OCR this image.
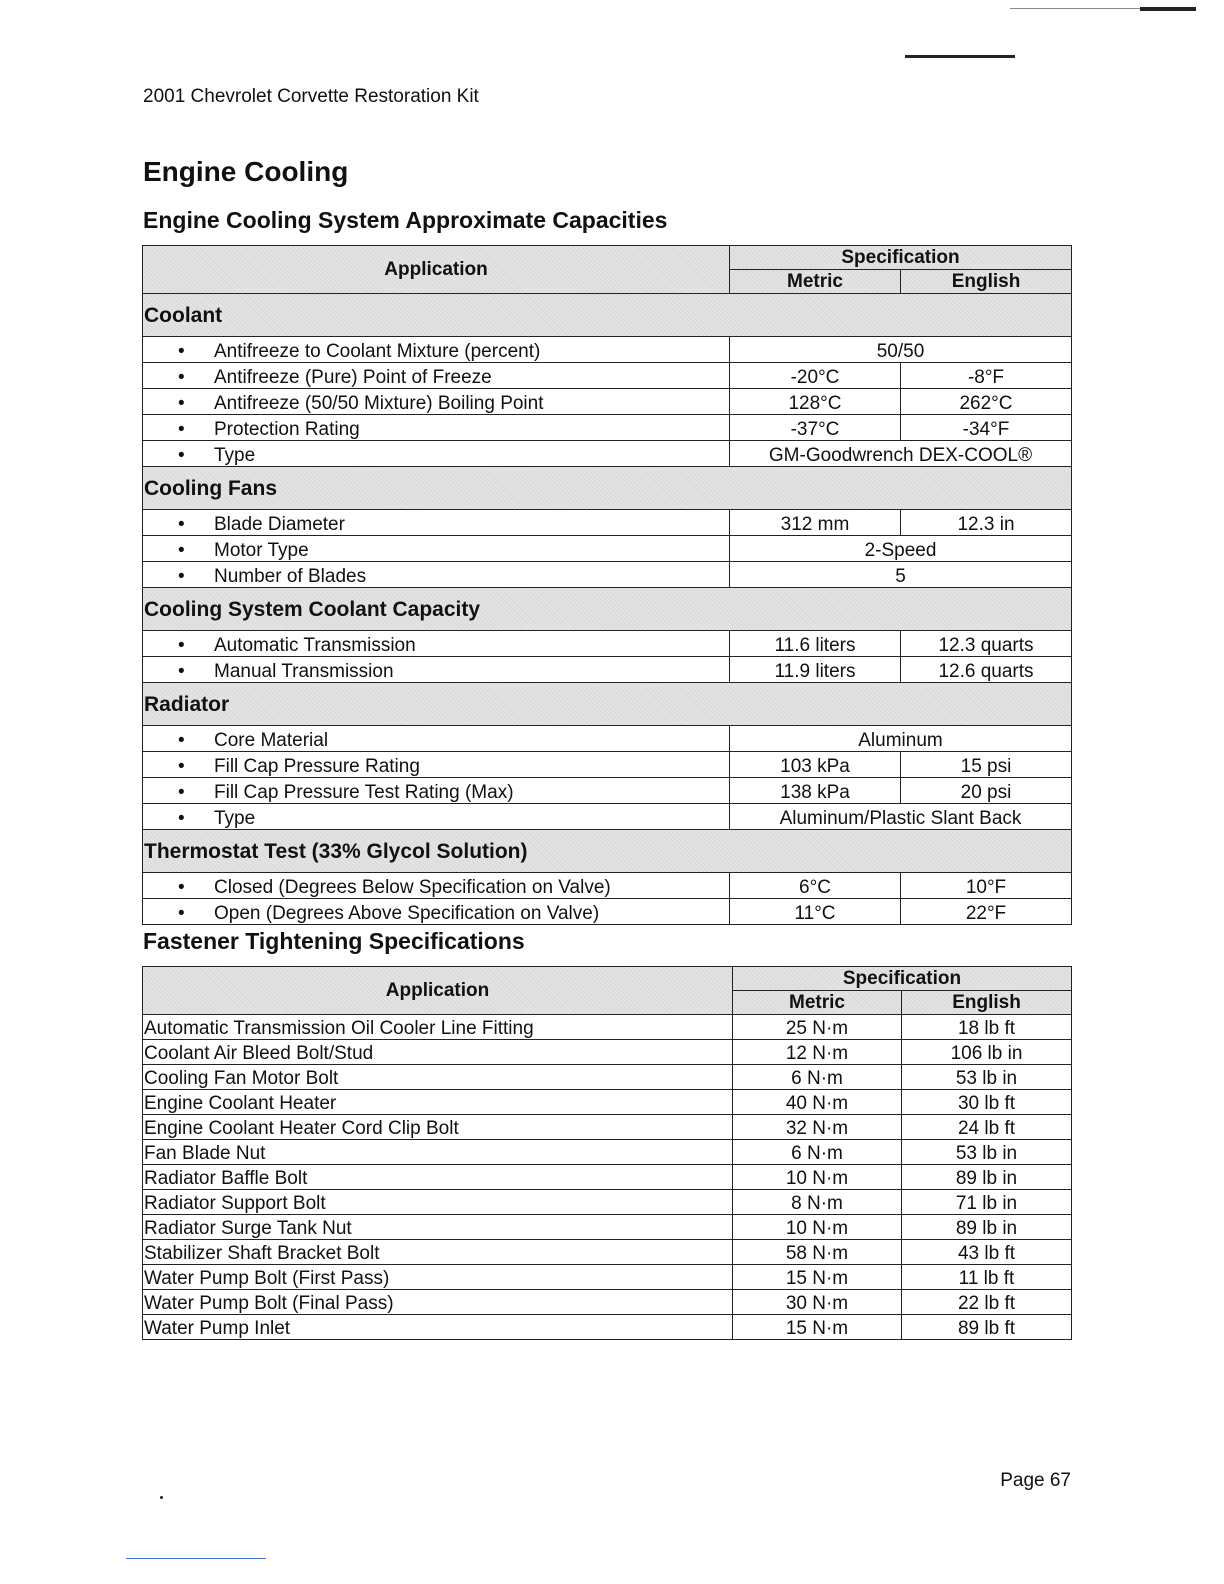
2001 Chevrolet Corvette Restoration Kit
Engine Cooling
Engine Cooling System Approximate Capacities
Application	Specification	
	Metric	English
Coolant		
• Antifreeze to Coolant Mixture (percent)	50/50	
• Antifreeze (Pure) Point of Freeze	-20°C	-8°F
• Antifreeze (50/50 Mixture) Boiling Point	128°C	262°C
• Protection Rating	-37°C	-34°F
• Type	GM-Goodwrench DEX-COOL®	
Cooling Fans		
• Blade Diameter	312 mm	12.3 in
• Motor Type	2-Speed	
• Number of Blades	5	
Cooling System Coolant Capacity		
• Automatic Transmission	11.6 liters	12.3 quarts
• Manual Transmission	11.9 liters	12.6 quarts
Radiator		
• Core Material	Aluminum	
• Fill Cap Pressure Rating	103 kPa	15 psi
• Fill Cap Pressure Test Rating (Max)	138 kPa	20 psi
• Type	Aluminum/Plastic Slant Back	
Thermostat Test (33% Glycol Solution)		
• Closed (Degrees Below Specification on Valve)	6°C	10°F
• Open (Degrees Above Specification on Valve)	11°C	22°F
Fastener Tightening Specifications
Application	Specification	
	Metric	English
Automatic Transmission Oil Cooler Line Fitting	25 N·m	18 lb ft
Coolant Air Bleed Bolt/Stud	12 N·m	106 lb in
Cooling Fan Motor Bolt	6 N·m	53 lb in
Engine Coolant Heater	40 N·m	30 lb ft
Engine Coolant Heater Cord Clip Bolt	32 N·m	24 lb ft
Fan Blade Nut	6 N·m	53 lb in
Radiator Baffle Bolt	10 N·m	89 lb in
Radiator Support Bolt	8 N·m	71 lb in
Radiator Surge Tank Nut	10 N·m	89 lb in
Stabilizer Shaft Bracket Bolt	58 N·m	43 lb ft
Water Pump Bolt (First Pass)	15 N·m	11 lb ft
Water Pump Bolt (Final Pass)	30 N·m	22 lb ft
Water Pump Inlet	15 N·m	89 lb ft
Page 67
